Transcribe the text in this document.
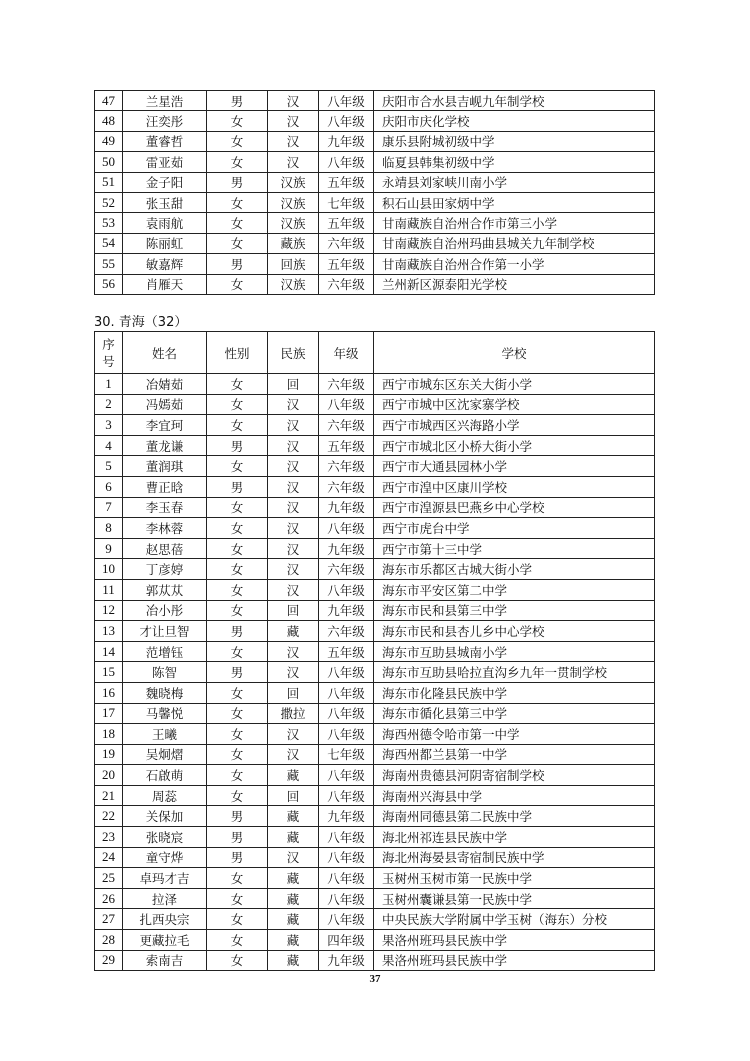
47	兰星浩	男	汉	八年级	庆阳市合水县吉岘九年制学校
48	汪奕彤	女	汉	八年级	庆阳市庆化学校
49	董睿哲	女	汉	九年级	康乐县附城初级中学
50	雷亚茹	女	汉	八年级	临夏县韩集初级中学
51	金子阳	男	汉族	五年级	永靖县刘家峡川南小学
52	张玉甜	女	汉族	七年级	积石山县田家炳中学
53	袁雨航	女	汉族	五年级	甘南藏族自治州合作市第三小学
54	陈丽虹	女	藏族	六年级	甘南藏族自治州玛曲县城关九年制学校
55	敏嘉辉	男	回族	五年级	甘南藏族自治州合作第一小学
56	肖雁天	女	汉族	六年级	兰州新区源泰阳光学校
30. 青海（32）
序
号	姓名	性别	民族	年级	学校
1	冶婧茹	女	回	六年级	西宁市城东区东关大街小学
2	冯嫣茹	女	汉	八年级	西宁市城中区沈家寨学校
3	李宜珂	女	汉	六年级	西宁市城西区兴海路小学
4	董龙谦	男	汉	五年级	西宁市城北区小桥大街小学
5	董润琪	女	汉	六年级	西宁市大通县园林小学
6	曹正晗	男	汉	六年级	西宁市湟中区康川学校
7	李玉春	女	汉	九年级	西宁市湟源县巴燕乡中心学校
8	李林蓉	女	汉	八年级	西宁市虎台中学
9	赵思蓓	女	汉	九年级	西宁市第十三中学
10	丁彦婷	女	汉	六年级	海东市乐都区古城大街小学
11	郭苁苁	女	汉	八年级	海东市平安区第二中学
12	冶小彤	女	回	九年级	海东市民和县第三中学
13	才让旦智	男	藏	六年级	海东市民和县杏儿乡中心学校
14	范增钰	女	汉	五年级	海东市互助县城南小学
15	陈智	男	汉	八年级	海东市互助县哈拉直沟乡九年一贯制学校
16	魏晓梅	女	回	八年级	海东市化隆县民族中学
17	马馨悦	女	撒拉	八年级	海东市循化县第三中学
18	王曦	女	汉	八年级	海西州德令哈市第一中学
19	吴炯熠	女	汉	七年级	海西州都兰县第一中学
20	石啟萌	女	藏	八年级	海南州贵德县河阴寄宿制学校
21	周蕊	女	回	八年级	海南州兴海县中学
22	关保加	男	藏	九年级	海南州同德县第二民族中学
23	张晓宸	男	藏	八年级	海北州祁连县民族中学
24	童守烨	男	汉	八年级	海北州海晏县寄宿制民族中学
25	卓玛才吉	女	藏	八年级	玉树州玉树市第一民族中学
26	拉泽	女	藏	八年级	玉树州囊谦县第一民族中学
27	扎西央宗	女	藏	八年级	中央民族大学附属中学玉树（海东）分校
28	更藏拉毛	女	藏	四年级	果洛州班玛县民族中学
29	索南吉	女	藏	九年级	果洛州班玛县民族中学
37
